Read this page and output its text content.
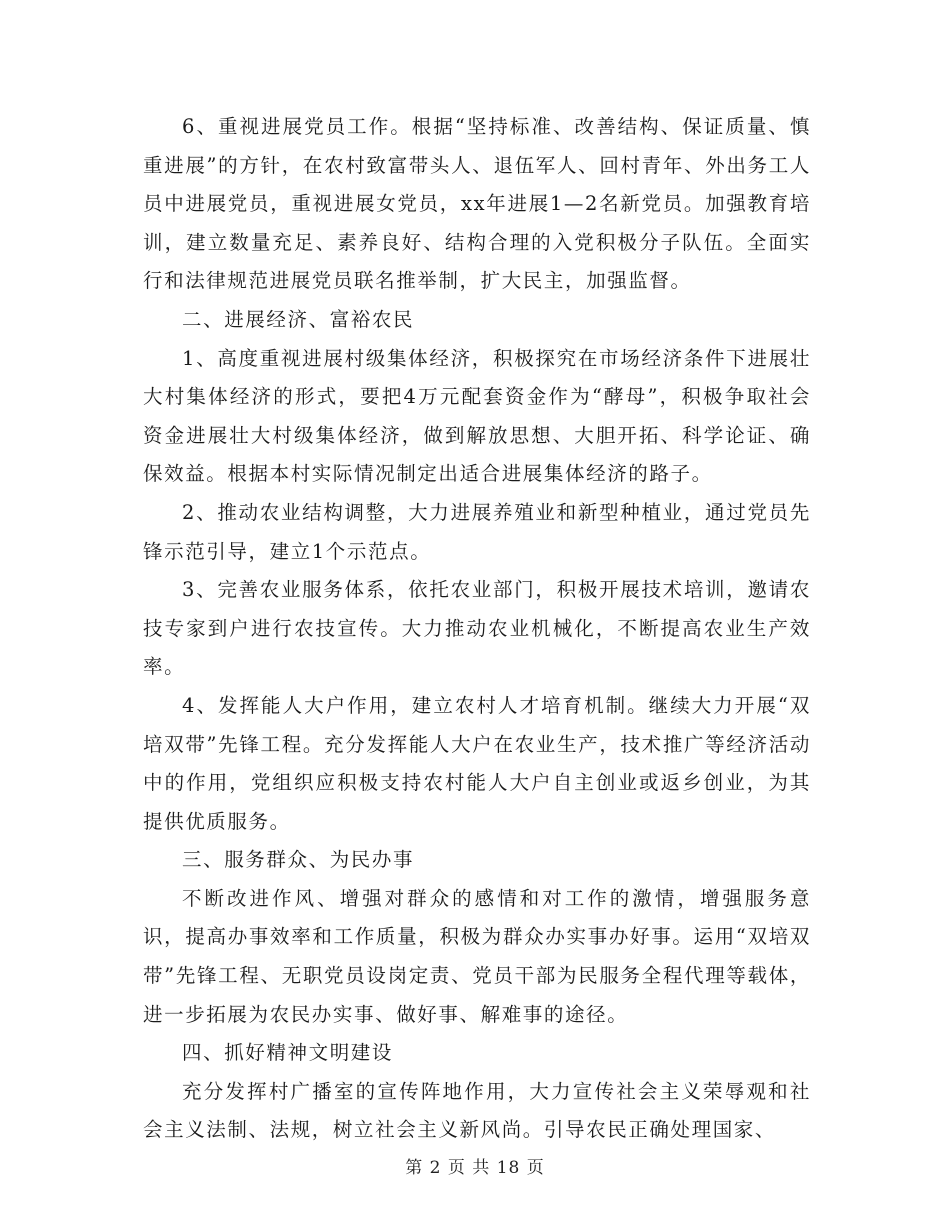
6、重视进展党员工作。根据“坚持标准、改善结构、保证质量、慎重进展”的方针，在农村致富带头人、退伍军人、回村青年、外出务工人员中进展党员，重视进展女党员，xx年进展1—2名新党员。加强教育培训，建立数量充足、素养良好、结构合理的入党积极分子队伍。全面实行和法律规范进展党员联名推举制，扩大民主，加强监督。

二、进展经济、富裕农民

1、高度重视进展村级集体经济，积极探究在市场经济条件下进展壮大村集体经济的形式，要把4万元配套资金作为“酵母”，积极争取社会资金进展壮大村级集体经济，做到解放思想、大胆开拓、科学论证、确保效益。根据本村实际情况制定出适合进展集体经济的路子。

2、推动农业结构调整，大力进展养殖业和新型种植业，通过党员先锋示范引导，建立1个示范点。

3、完善农业服务体系，依托农业部门，积极开展技术培训，邀请农技专家到户进行农技宣传。大力推动农业机械化，不断提高农业生产效率。

4、发挥能人大户作用，建立农村人才培育机制。继续大力开展“双培双带”先锋工程。充分发挥能人大户在农业生产，技术推广等经济活动中的作用，党组织应积极支持农村能人大户自主创业或返乡创业，为其提供优质服务。

三、服务群众、为民办事

不断改进作风、增强对群众的感情和对工作的激情，增强服务意识，提高办事效率和工作质量，积极为群众办实事办好事。运用“双培双带”先锋工程、无职党员设岗定责、党员干部为民服务全程代理等载体，进一步拓展为农民办实事、做好事、解难事的途径。

四、抓好精神文明建设

充分发挥村广播室的宣传阵地作用，大力宣传社会主义荣辱观和社会主义法制、法规，树立社会主义新风尚。引导农民正确处理国家、

第 2 页 共 18 页
